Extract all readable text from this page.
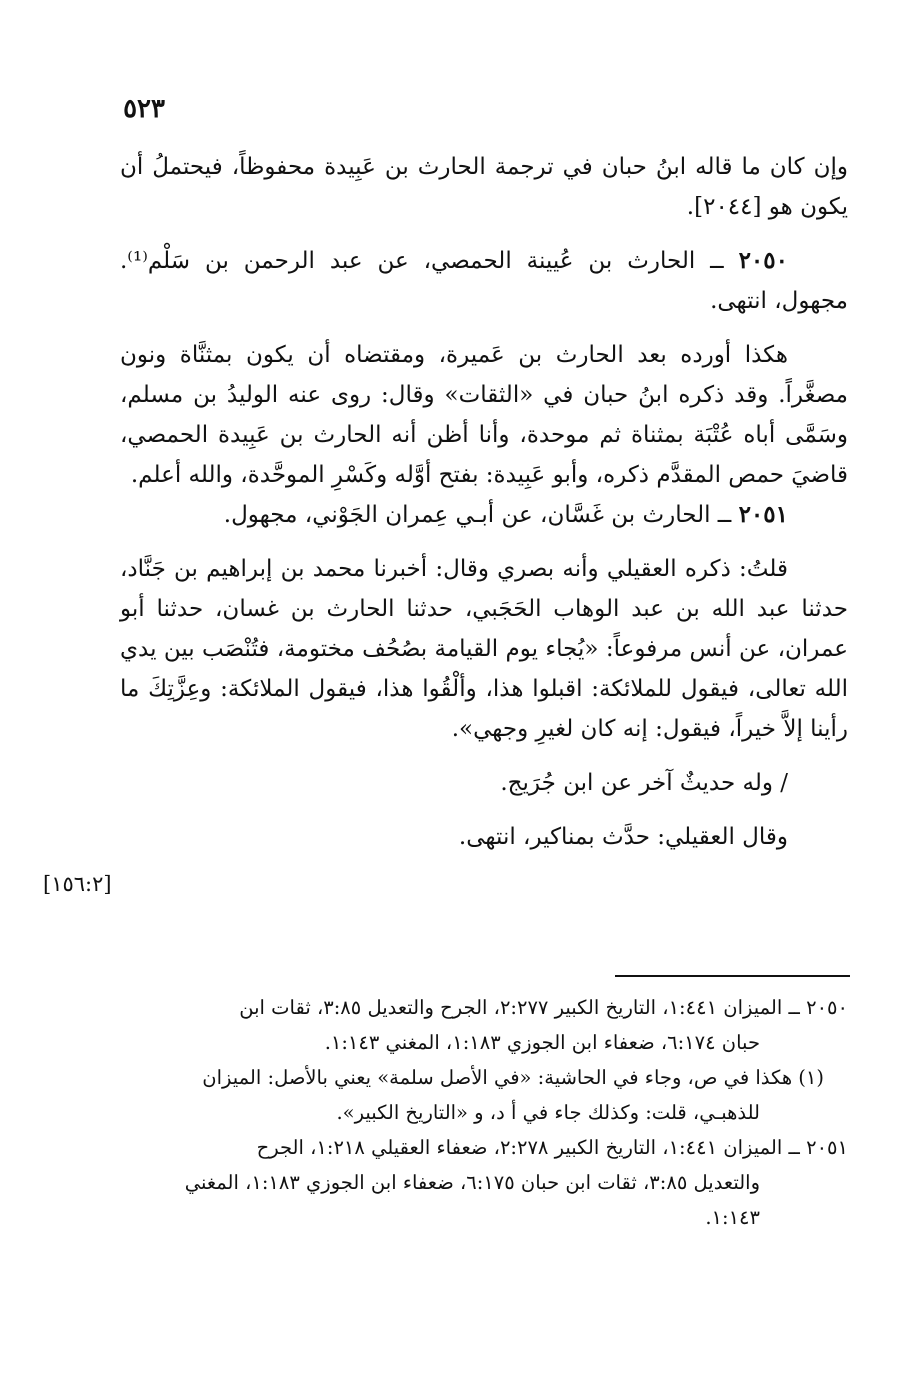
٥٢٣

وإن كان ما قاله ابنُ حبان في ترجمة الحارث بن عَبِيدة محفوظاً، فيحتملُ أن يكون هو [٢٠٤٤].

٢٠٥٠ ــ الحارث بن عُيينة الحمصي، عن عبد الرحمن بن سَلْم⁽¹⁾. مجهول، انتهى.

هكذا أورده بعد الحارث بن عَميرة، ومقتضاه أن يكون بمثنَّاة ونون مصغَّراً. وقد ذكره ابنُ حبان في «الثقات» وقال: روى عنه الوليدُ بن مسلم، وسَمَّى أباه عُتْبَة بمثناة ثم موحدة، وأنا أظن أنه الحارث بن عَبِيدة الحمصي، قاضيَ حمص المقدَّم ذكره، وأبو عَبِيدة: بفتح أوَّله وكَسْرِ الموحَّدة، والله أعلم.

٢٠٥١ ــ الحارث بن غَسَّان، عن أبـي عِمران الجَوْني، مجهول.

قلتُ: ذكره العقيلي وأنه بصري وقال: أخبرنا محمد بن إبراهيم بن جَنَّاد، حدثنا عبد الله بن عبد الوهاب الحَجَبي، حدثنا الحارث بن غسان، حدثنا أبو عمران، عن أنس مرفوعاً: «يُجاء يوم القيامة بصُحُف مختومة، فتُنْصَب بين يدي الله تعالى، فيقول للملائكة: اقبلوا هذا، وألْقُوا هذا، فيقول الملائكة: وعِزَّتِكَ ما رأينا إلاَّ خيراً، فيقول: إنه كان لغيرِ وجهي».

/ وله حديثٌ آخر عن ابن جُرَيج.

وقال العقيلي: حدَّث بمناكير، انتهى.

[١٥٦:٢]

٢٠٥٠ ــ الميزان ١:٤٤١، التاريخ الكبير ٢:٢٧٧، الجرح والتعديل ٣:٨٥، ثقات ابن

حبان ٦:١٧٤، ضعفاء ابن الجوزي ١:١٨٣، المغني ١:١٤٣.

(١) هكذا في ص، وجاء في الحاشية: «في الأصل سلمة» يعني بالأصل: الميزان

للذهبـي، قلت: وكذلك جاء في أ د، و «التاريخ الكبير».

٢٠٥١ ــ الميزان ١:٤٤١، التاريخ الكبير ٢:٢٧٨، ضعفاء العقيلي ١:٢١٨، الجرح

والتعديل ٣:٨٥، ثقات ابن حبان ٦:١٧٥، ضعفاء ابن الجوزي ١:١٨٣، المغني

١:١٤٣.
